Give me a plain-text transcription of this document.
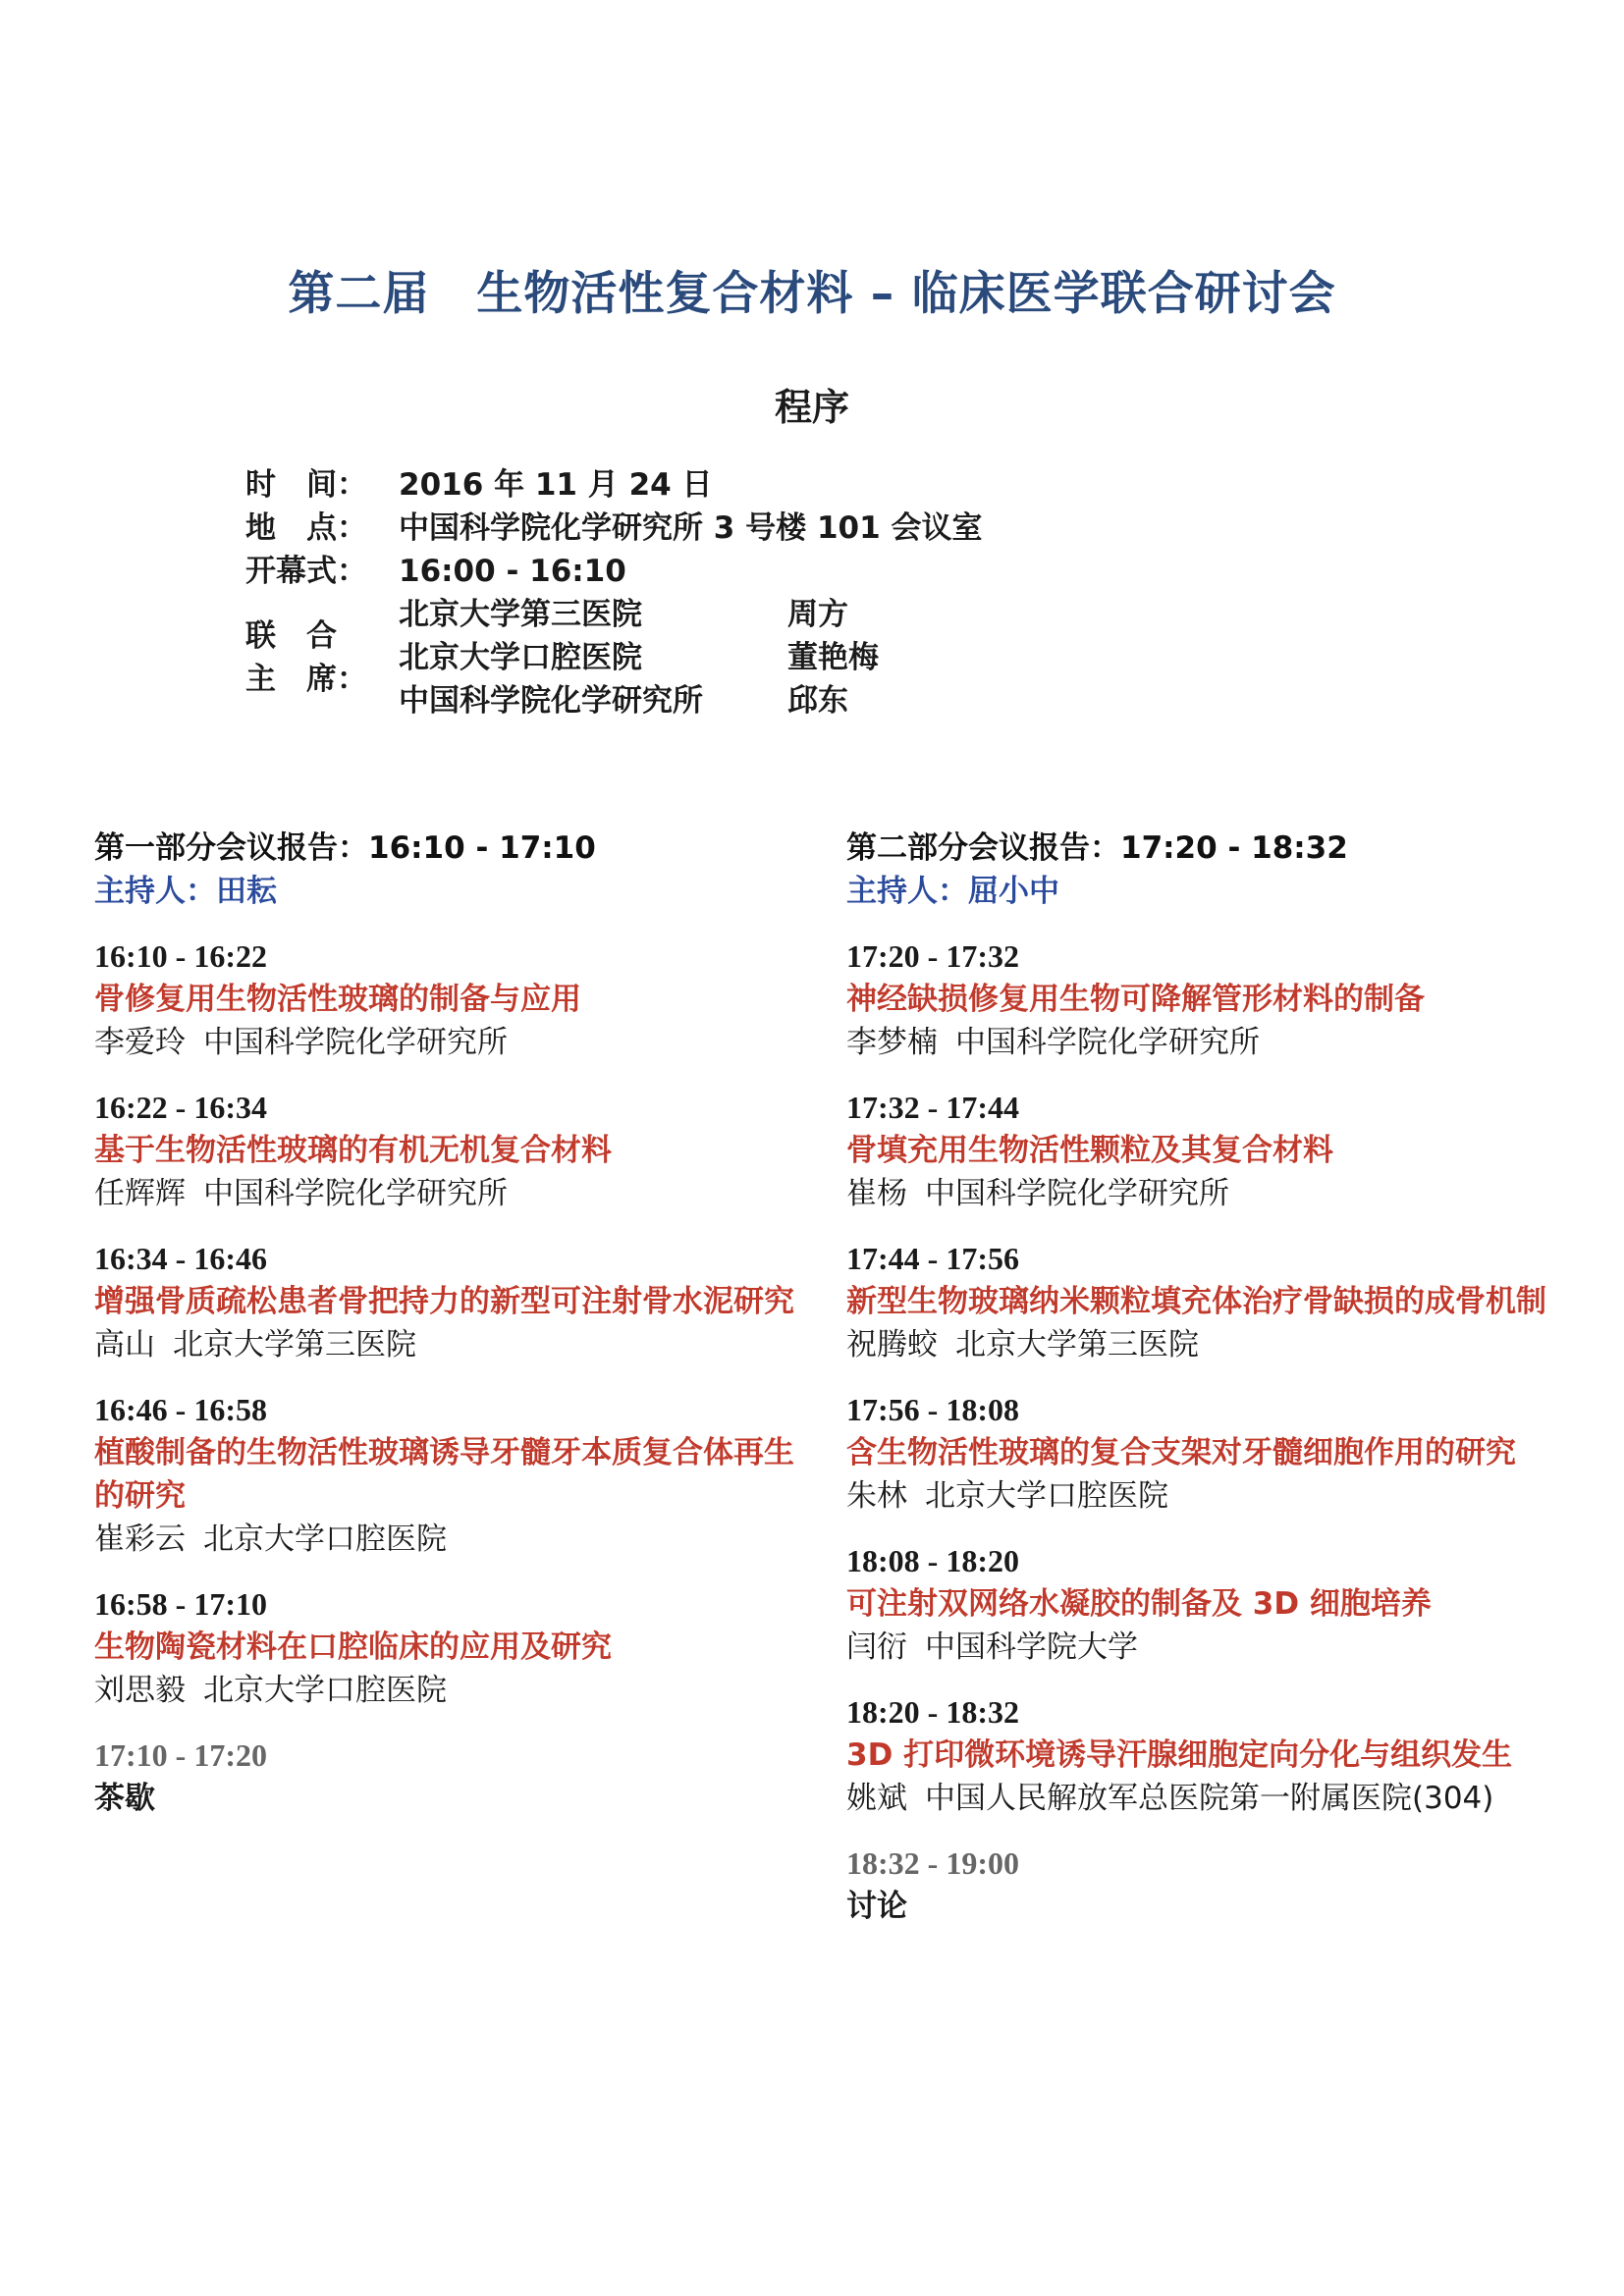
第二届　生物活性复合材料 – 临床医学联合研讨会
程序
时　间：	2016 年 11 月 24 日
地　点：	中国科学院化学研究所 3 号楼 101 会议室
开幕式：	16:00 - 16:10
联　合
主　席：
北京大学第三医院	周方
北京大学口腔医院	董艳梅
中国科学院化学研究所	邱东
第一部分会议报告：16:10 - 17:10
主持人：田耘
16:10 - 16:22
骨修复用生物活性玻璃的制备与应用
李爱玲 中国科学院化学研究所
16:22 - 16:34
基于生物活性玻璃的有机无机复合材料
任辉辉 中国科学院化学研究所
16:34 - 16:46
增强骨质疏松患者骨把持力的新型可注射骨水泥研究
高山 北京大学第三医院
16:46 - 16:58
植酸制备的生物活性玻璃诱导牙髓牙本质复合体再生的研究
崔彩云 北京大学口腔医院
16:58 - 17:10
生物陶瓷材料在口腔临床的应用及研究
刘思毅 北京大学口腔医院
17:10 - 17:20
茶歇
第二部分会议报告：17:20 - 18:32
主持人：屈小中
17:20 - 17:32
神经缺损修复用生物可降解管形材料的制备
李梦楠 中国科学院化学研究所
17:32 - 17:44
骨填充用生物活性颗粒及其复合材料
崔杨 中国科学院化学研究所
17:44 - 17:56
新型生物玻璃纳米颗粒填充体治疗骨缺损的成骨机制
祝腾蛟 北京大学第三医院
17:56 - 18:08
含生物活性玻璃的复合支架对牙髓细胞作用的研究
朱林 北京大学口腔医院
18:08 - 18:20
可注射双网络水凝胶的制备及 3D 细胞培养
闫衍 中国科学院大学
18:20 - 18:32
3D 打印微环境诱导汗腺细胞定向分化与组织发生
姚斌 中国人民解放军总医院第一附属医院(304)
18:32 - 19:00
讨论
